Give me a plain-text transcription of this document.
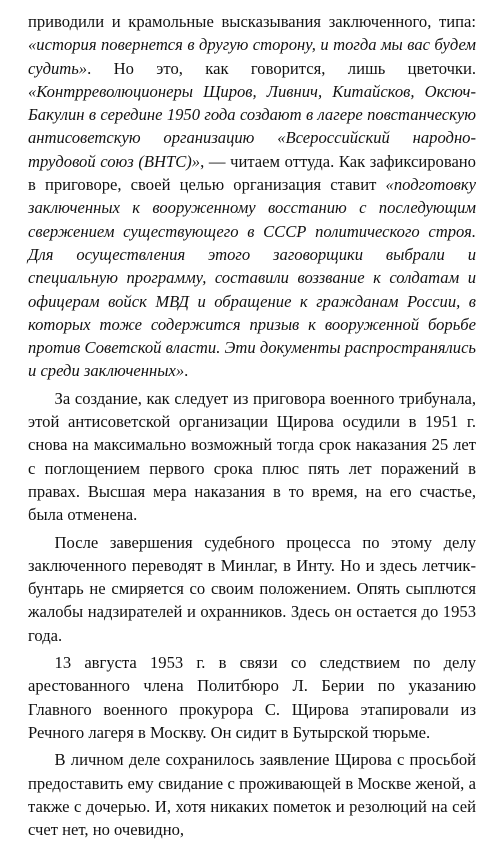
приводили и крамольные высказывания заключенного, типа: «история повернется в другую сторону, и тогда мы вас будем судить». Но это, как говорится, лишь цветочки. «Контрреволюционеры Щиров, Ливнич, Китайсков, Оксюч-Бакулин в середине 1950 года создают в лагере повстанческую антисоветскую организацию «Всероссийский народно-трудовой союз (ВНТС)», — читаем оттуда. Как зафиксировано в приговоре, своей целью организация ставит «подготовку заключенных к вооруженному восстанию с последующим свержением существующего в СССР политического строя. Для осуществления этого заговорщики выбрали и специальную программу, составили воззвание к солдатам и офицерам войск МВД и обращение к гражданам России, в которых тоже содержится призыв к вооруженной борьбе против Советской власти. Эти документы распространялись и среди заключенных».

За создание, как следует из приговора военного трибунала, этой антисоветской организации Щирова осудили в 1951 г. снова на максимально возможный тогда срок наказания 25 лет с поглощением первого срока плюс пять лет поражений в правах. Высшая мера наказания в то время, на его счастье, была отменена.

После завершения судебного процесса по этому делу заключенного переводят в Минлаг, в Инту. Но и здесь летчик-бунтарь не смиряется со своим положением. Опять сыплются жалобы надзирателей и охранников. Здесь он остается до 1953 года.

13 августа 1953 г. в связи со следствием по делу арестованного члена Политбюро Л. Берии по указанию Главного военного прокурора С. Щирова этапировали из Речного лагеря в Москву. Он сидит в Бутырской тюрьме.

В личном деле сохранилось заявление Щирова с просьбой предоставить ему свидание с проживающей в Москве женой, а также с дочерью. И, хотя никаких пометок и резолюций на сей счет нет, но очевидно,
